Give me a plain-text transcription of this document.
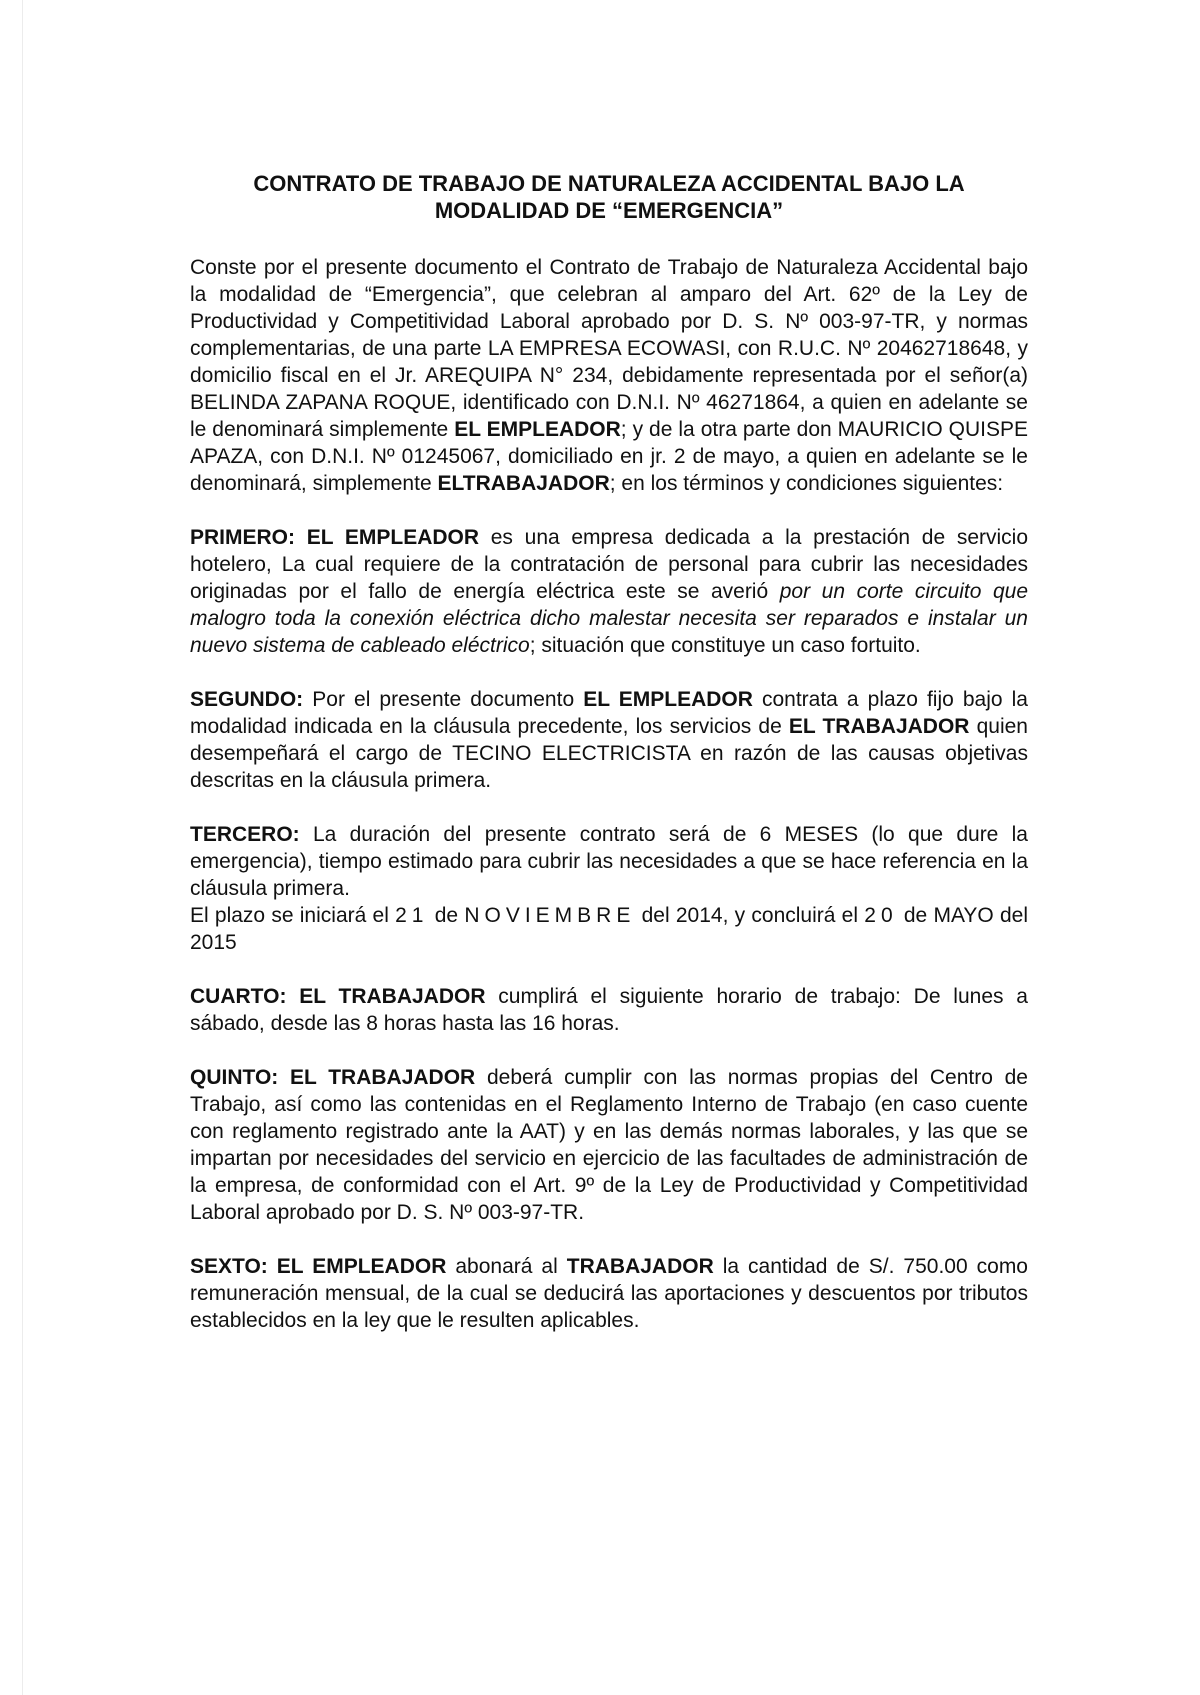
CONTRATO DE TRABAJO DE NATURALEZA ACCIDENTAL BAJO LA
MODALIDAD DE “EMERGENCIA”

Conste por el presente documento el Contrato de Trabajo de Naturaleza Accidental bajo la modalidad de “Emergencia”, que celebran al amparo del Art. 62º de la Ley de Productividad y Competitividad Laboral aprobado por D. S. Nº 003-97-TR, y normas complementarias, de una parte LA EMPRESA ECOWASI, con R.U.C. Nº 20462718648, y domicilio fiscal en el Jr. AREQUIPA N° 234, debidamente representada por el señor(a) BELINDA ZAPANA ROQUE, identificado con D.N.I. Nº 46271864, a quien en adelante se le denominará simplemente EL EMPLEADOR; y de la otra parte don MAURICIO QUISPE APAZA, con D.N.I. Nº 01245067, domiciliado en jr. 2 de mayo, a quien en adelante se le denominará, simplemente ELTRABAJADOR; en los términos y condiciones siguientes:

PRIMERO: EL EMPLEADOR es una empresa dedicada a la prestación de servicio hotelero, La cual requiere de la contratación de personal para cubrir las necesidades originadas por el fallo de energía eléctrica este se averió por un corte circuito que malogro toda la conexión eléctrica dicho malestar necesita ser reparados e instalar un nuevo sistema de cableado eléctrico; situación que constituye un caso fortuito.

SEGUNDO: Por el presente documento EL EMPLEADOR contrata a plazo fijo bajo la modalidad indicada en la cláusula precedente, los servicios de EL TRABAJADOR quien desempeñará el cargo de TECINO ELECTRICISTA en razón de las causas objetivas descritas en la cláusula primera.

TERCERO: La duración del presente contrato será de 6 MESES (lo que dure la emergencia), tiempo estimado para cubrir las necesidades a que se hace referencia en la cláusula primera.

El plazo se iniciará el 21 de NOVIEMBRE del 2014, y concluirá el 20 de MAYO del 2015

CUARTO: EL TRABAJADOR cumplirá el siguiente horario de trabajo: De lunes a sábado, desde las 8 horas hasta las 16 horas.

QUINTO: EL TRABAJADOR deberá cumplir con las normas propias del Centro de Trabajo, así como las contenidas en el Reglamento Interno de Trabajo (en caso cuente con reglamento registrado ante la AAT) y en las demás normas laborales, y las que se impartan por necesidades del servicio en ejercicio de las facultades de administración de la empresa, de conformidad con el Art. 9º de la Ley de Productividad y Competitividad Laboral aprobado por D. S. Nº 003-97-TR.

SEXTO: EL EMPLEADOR abonará al TRABAJADOR la cantidad de S/. 750.00 como remuneración mensual, de la cual se deducirá las aportaciones y descuentos por tributos establecidos en la ley que le resulten aplicables.
